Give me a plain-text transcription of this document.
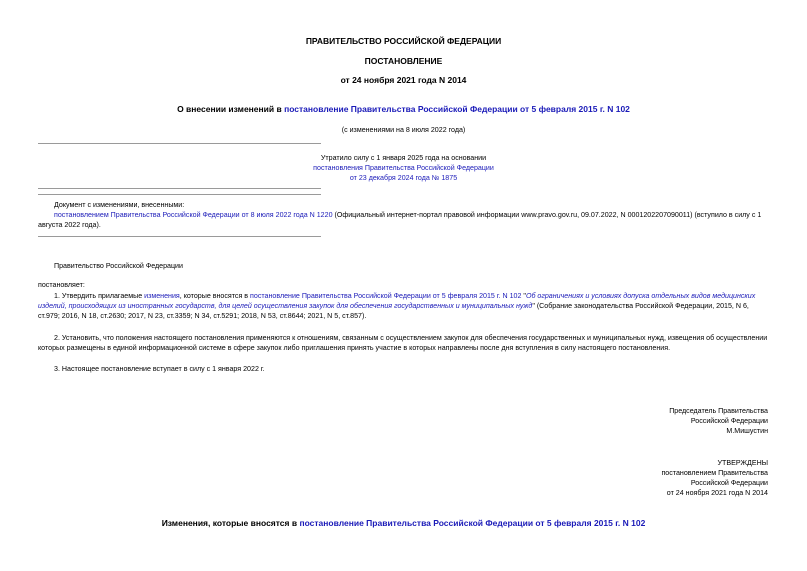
ПРАВИТЕЛЬСТВО РОССИЙСКОЙ ФЕДЕРАЦИИ
ПОСТАНОВЛЕНИЕ
от 24 ноября 2021 года N 2014
О внесении изменений в постановление Правительства Российской Федерации от 5 февраля 2015 г. N 102
(с изменениями на 8 июля 2022 года)
Утратило силу с 1 января 2025 года на основании
постановления Правительства Российской Федерации
от 23 декабря 2024 года № 1875
Документ с изменениями, внесенными:
постановлением Правительства Российской Федерации от 8 июля 2022 года N 1220 (Официальный интернет-портал правовой информации www.pravo.gov.ru, 09.07.2022, N 0001202207090011) (вступило в силу с 1 августа 2022 года).
Правительство Российской Федерации
постановляет:
1. Утвердить прилагаемые изменения, которые вносятся в постановление Правительства Российской Федерации от 5 февраля 2015 г. N 102 "Об ограничениях и условиях допуска отдельных видов медицинских изделий, происходящих из иностранных государств, для целей осуществления закупок для обеспечения государственных и муниципальных нужд" (Собрание законодательства Российской Федерации, 2015, N 6, ст.979; 2016, N 18, ст.2630; 2017, N 23, ст.3359; N 34, ст.5291; 2018, N 53, ст.8644; 2021, N 5, ст.857).
2. Установить, что положения настоящего постановления применяются к отношениям, связанным с осуществлением закупок для обеспечения государственных и муниципальных нужд, извещения об осуществлении которых размещены в единой информационной системе в сфере закупок либо приглашения принять участие в которых направлены после дня вступления в силу настоящего постановления.
3. Настоящее постановление вступает в силу с 1 января 2022 г.
Председатель Правительства
Российской Федерации
М.Мишустин
УТВЕРЖДЕНЫ
постановлением Правительства
Российской Федерации
от 24 ноября 2021 года N 2014
Изменения, которые вносятся в постановление Правительства Российской Федерации от 5 февраля 2015 г. N 102
